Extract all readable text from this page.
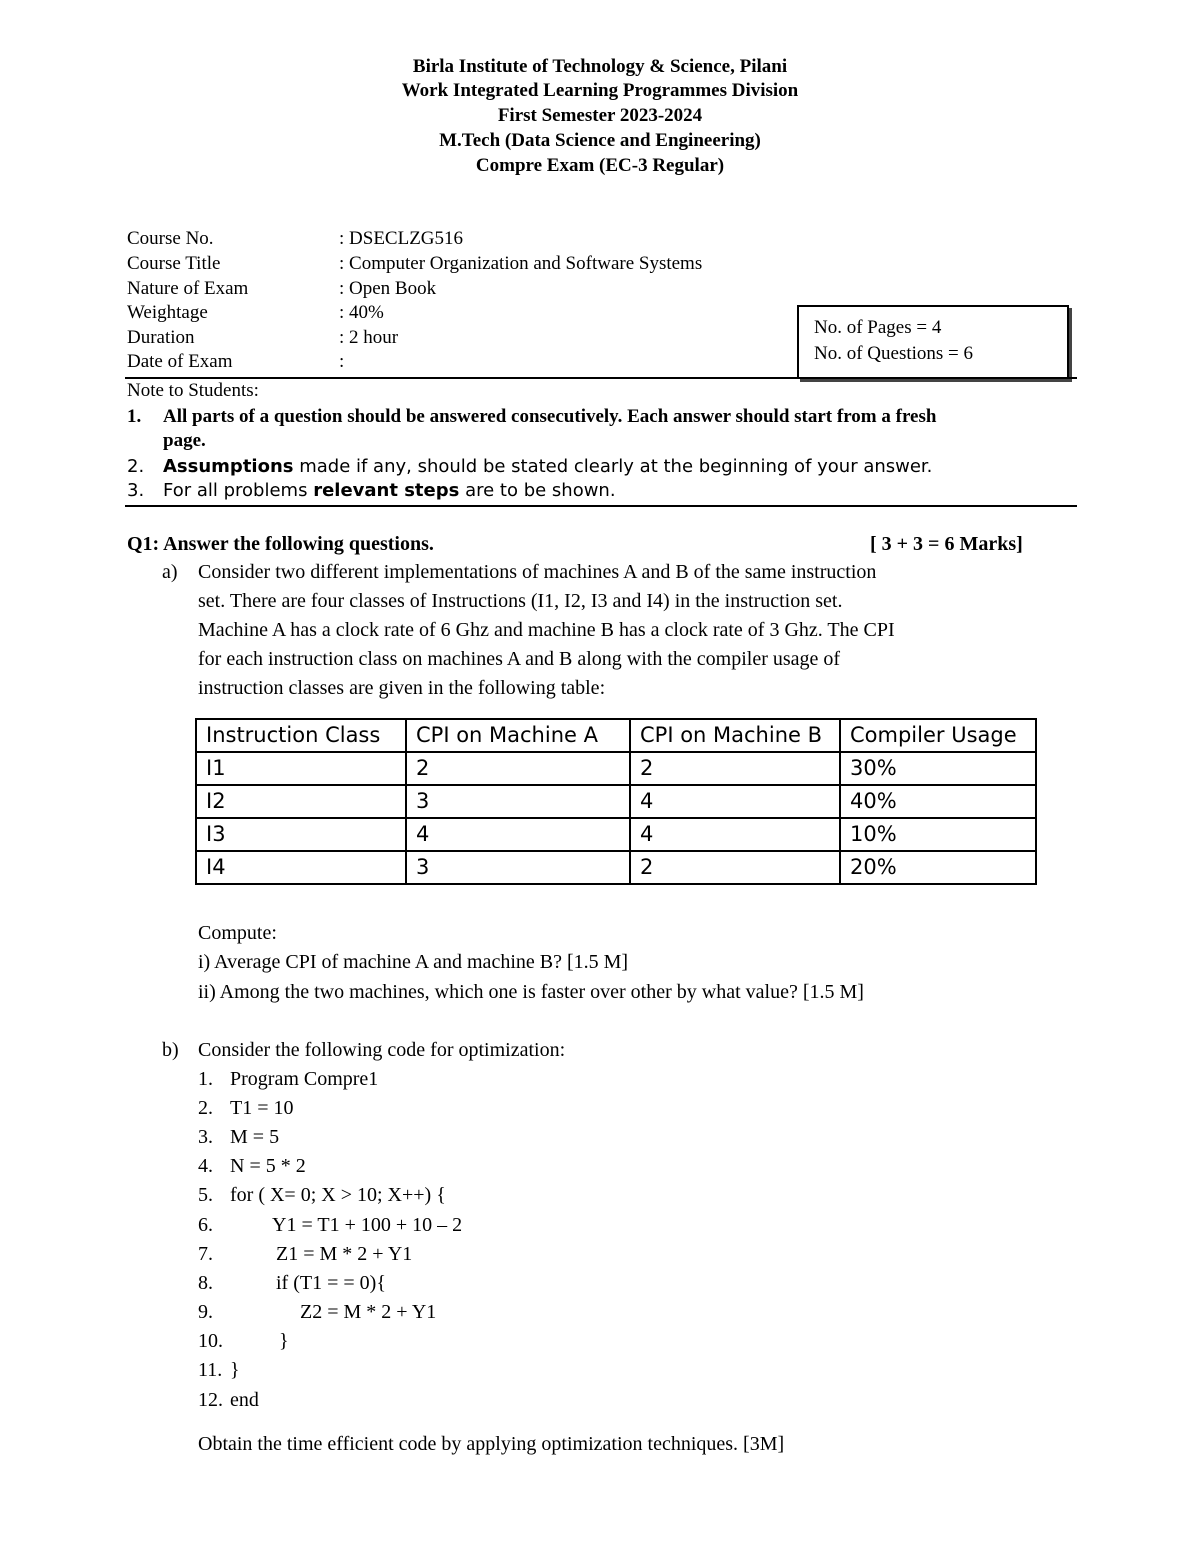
Birla Institute of Technology & Science, Pilani
Work Integrated Learning Programmes Division
First Semester 2023-2024
M.Tech (Data Science and Engineering)
Compre Exam (EC-3 Regular)
Course No.	: DSECLZG516
Course Title	: Computer Organization and Software Systems
Nature of Exam	: Open Book
Weightage	: 40%
Duration	: 2 hour
Date of Exam	:
No. of Pages = 4
No. of Questions = 6
Note to Students:
1. All parts of a question should be answered consecutively. Each answer should start from a fresh
page.
2. Assumptions made if any, should be stated clearly at the beginning of your answer.
3. For all problems relevant steps are to be shown.
Q1: Answer the following questions.	[ 3 + 3 = 6 Marks]
a) Consider two different implementations of machines A and B of the same instruction
set. There are four classes of Instructions (I1, I2, I3 and I4) in the instruction set.
Machine A has a clock rate of 6 Ghz and machine B has a clock rate of 3 Ghz. The CPI
for each instruction class on machines A and B along with the compiler usage of
instruction classes are given in the following table:
Instruction Class	CPI on Machine A	CPI on Machine B	Compiler Usage
I1	2	2	30%
I2	3	4	40%
I3	4	4	10%
I4	3	2	20%
Compute:
i) Average CPI of machine A and machine B? [1.5 M]
ii) Among the two machines, which one is faster over other by what value? [1.5 M]
b) Consider the following code for optimization:
1. Program Compre1
2. T1 = 10
3. M = 5
4. N = 5 * 2
5. for ( X= 0; X > 10; X++) {
6.	Y1 = T1 + 100 + 10 – 2
7.	Z1 = M * 2 + Y1
8.	if (T1 = = 0){
9.	Z2 = M * 2 + Y1
10.	}
11. }
12. end
Obtain the time efficient code by applying optimization techniques. [3M]
